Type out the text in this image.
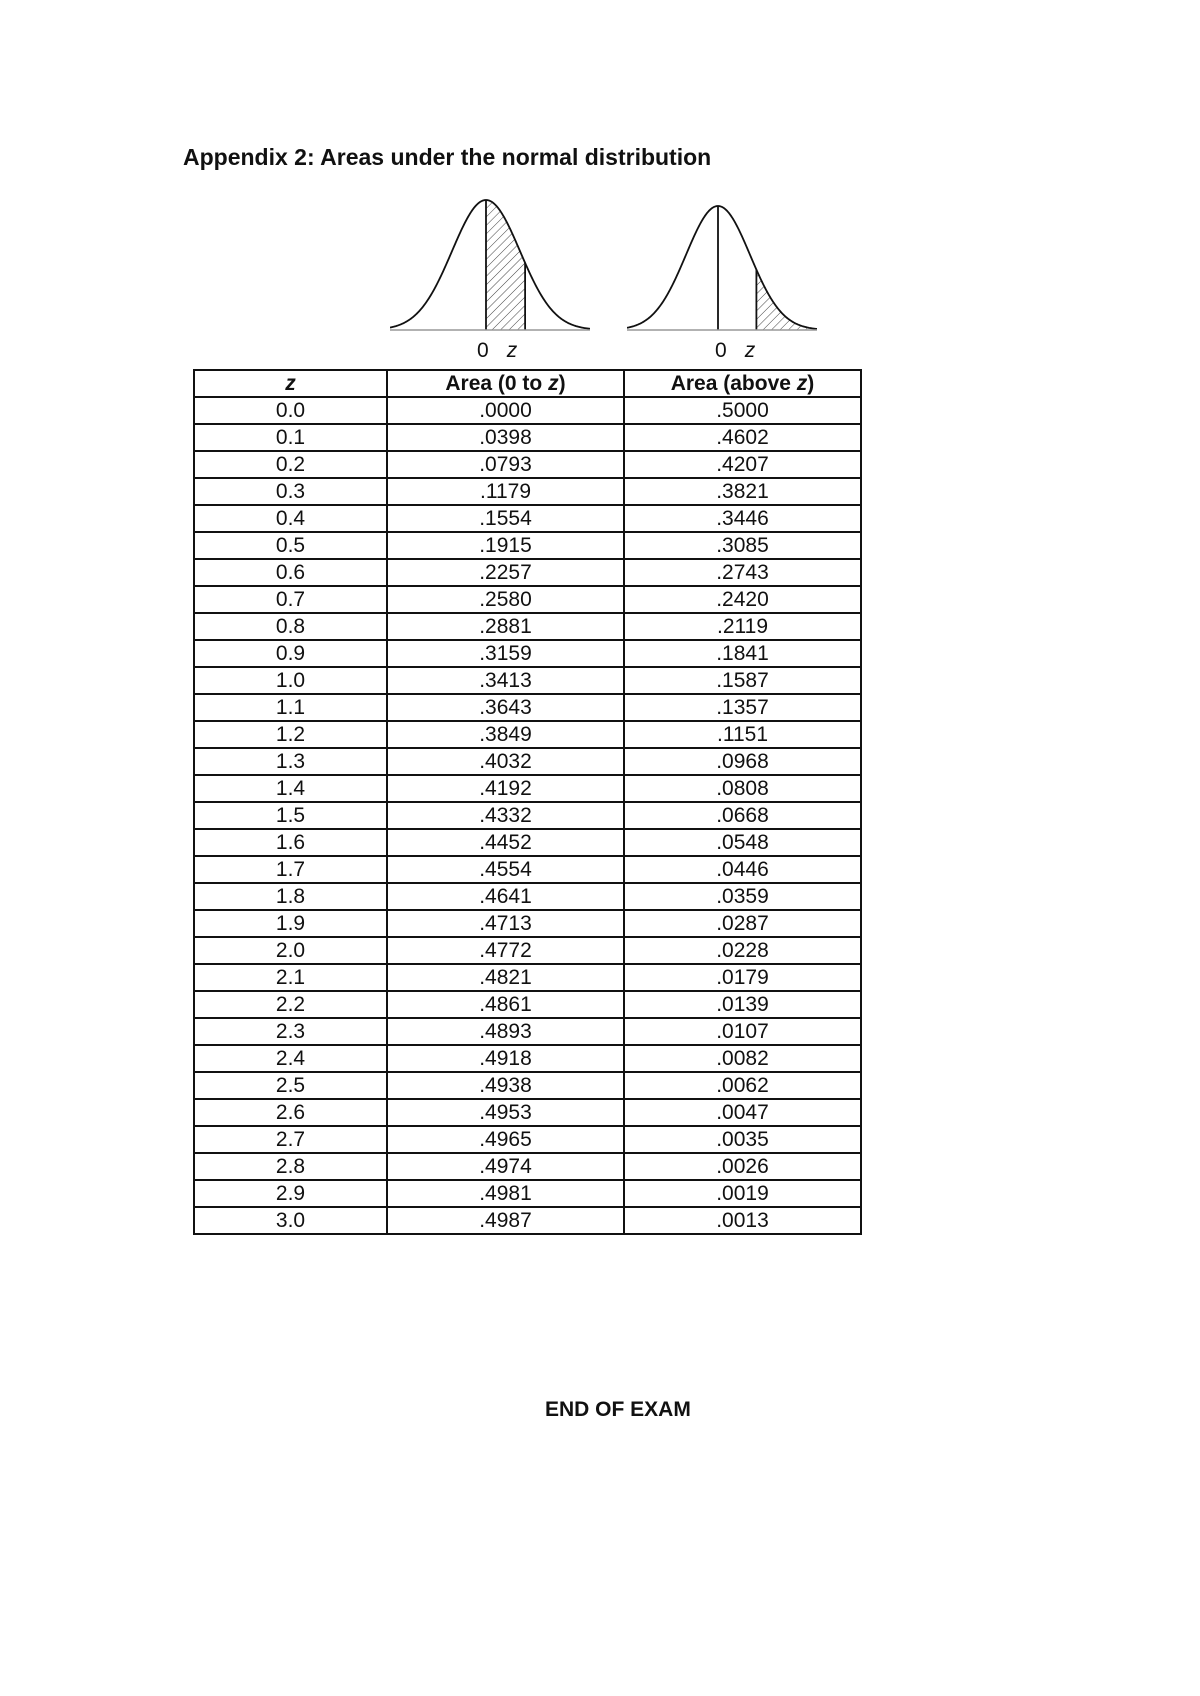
Appendix 2: Areas under the normal distribution
0 z	0 z
z	Area (0 to z)	Area (above z)
0.0	.0000	.5000
0.1	.0398	.4602
0.2	.0793	.4207
0.3	.1179	.3821
0.4	.1554	.3446
0.5	.1915	.3085
0.6	.2257	.2743
0.7	.2580	.2420
0.8	.2881	.2119
0.9	.3159	.1841
1.0	.3413	.1587
1.1	.3643	.1357
1.2	.3849	.1151
1.3	.4032	.0968
1.4	.4192	.0808
1.5	.4332	.0668
1.6	.4452	.0548
1.7	.4554	.0446
1.8	.4641	.0359
1.9	.4713	.0287
2.0	.4772	.0228
2.1	.4821	.0179
2.2	.4861	.0139
2.3	.4893	.0107
2.4	.4918	.0082
2.5	.4938	.0062
2.6	.4953	.0047
2.7	.4965	.0035
2.8	.4974	.0026
2.9	.4981	.0019
3.0	.4987	.0013
END OF EXAM
